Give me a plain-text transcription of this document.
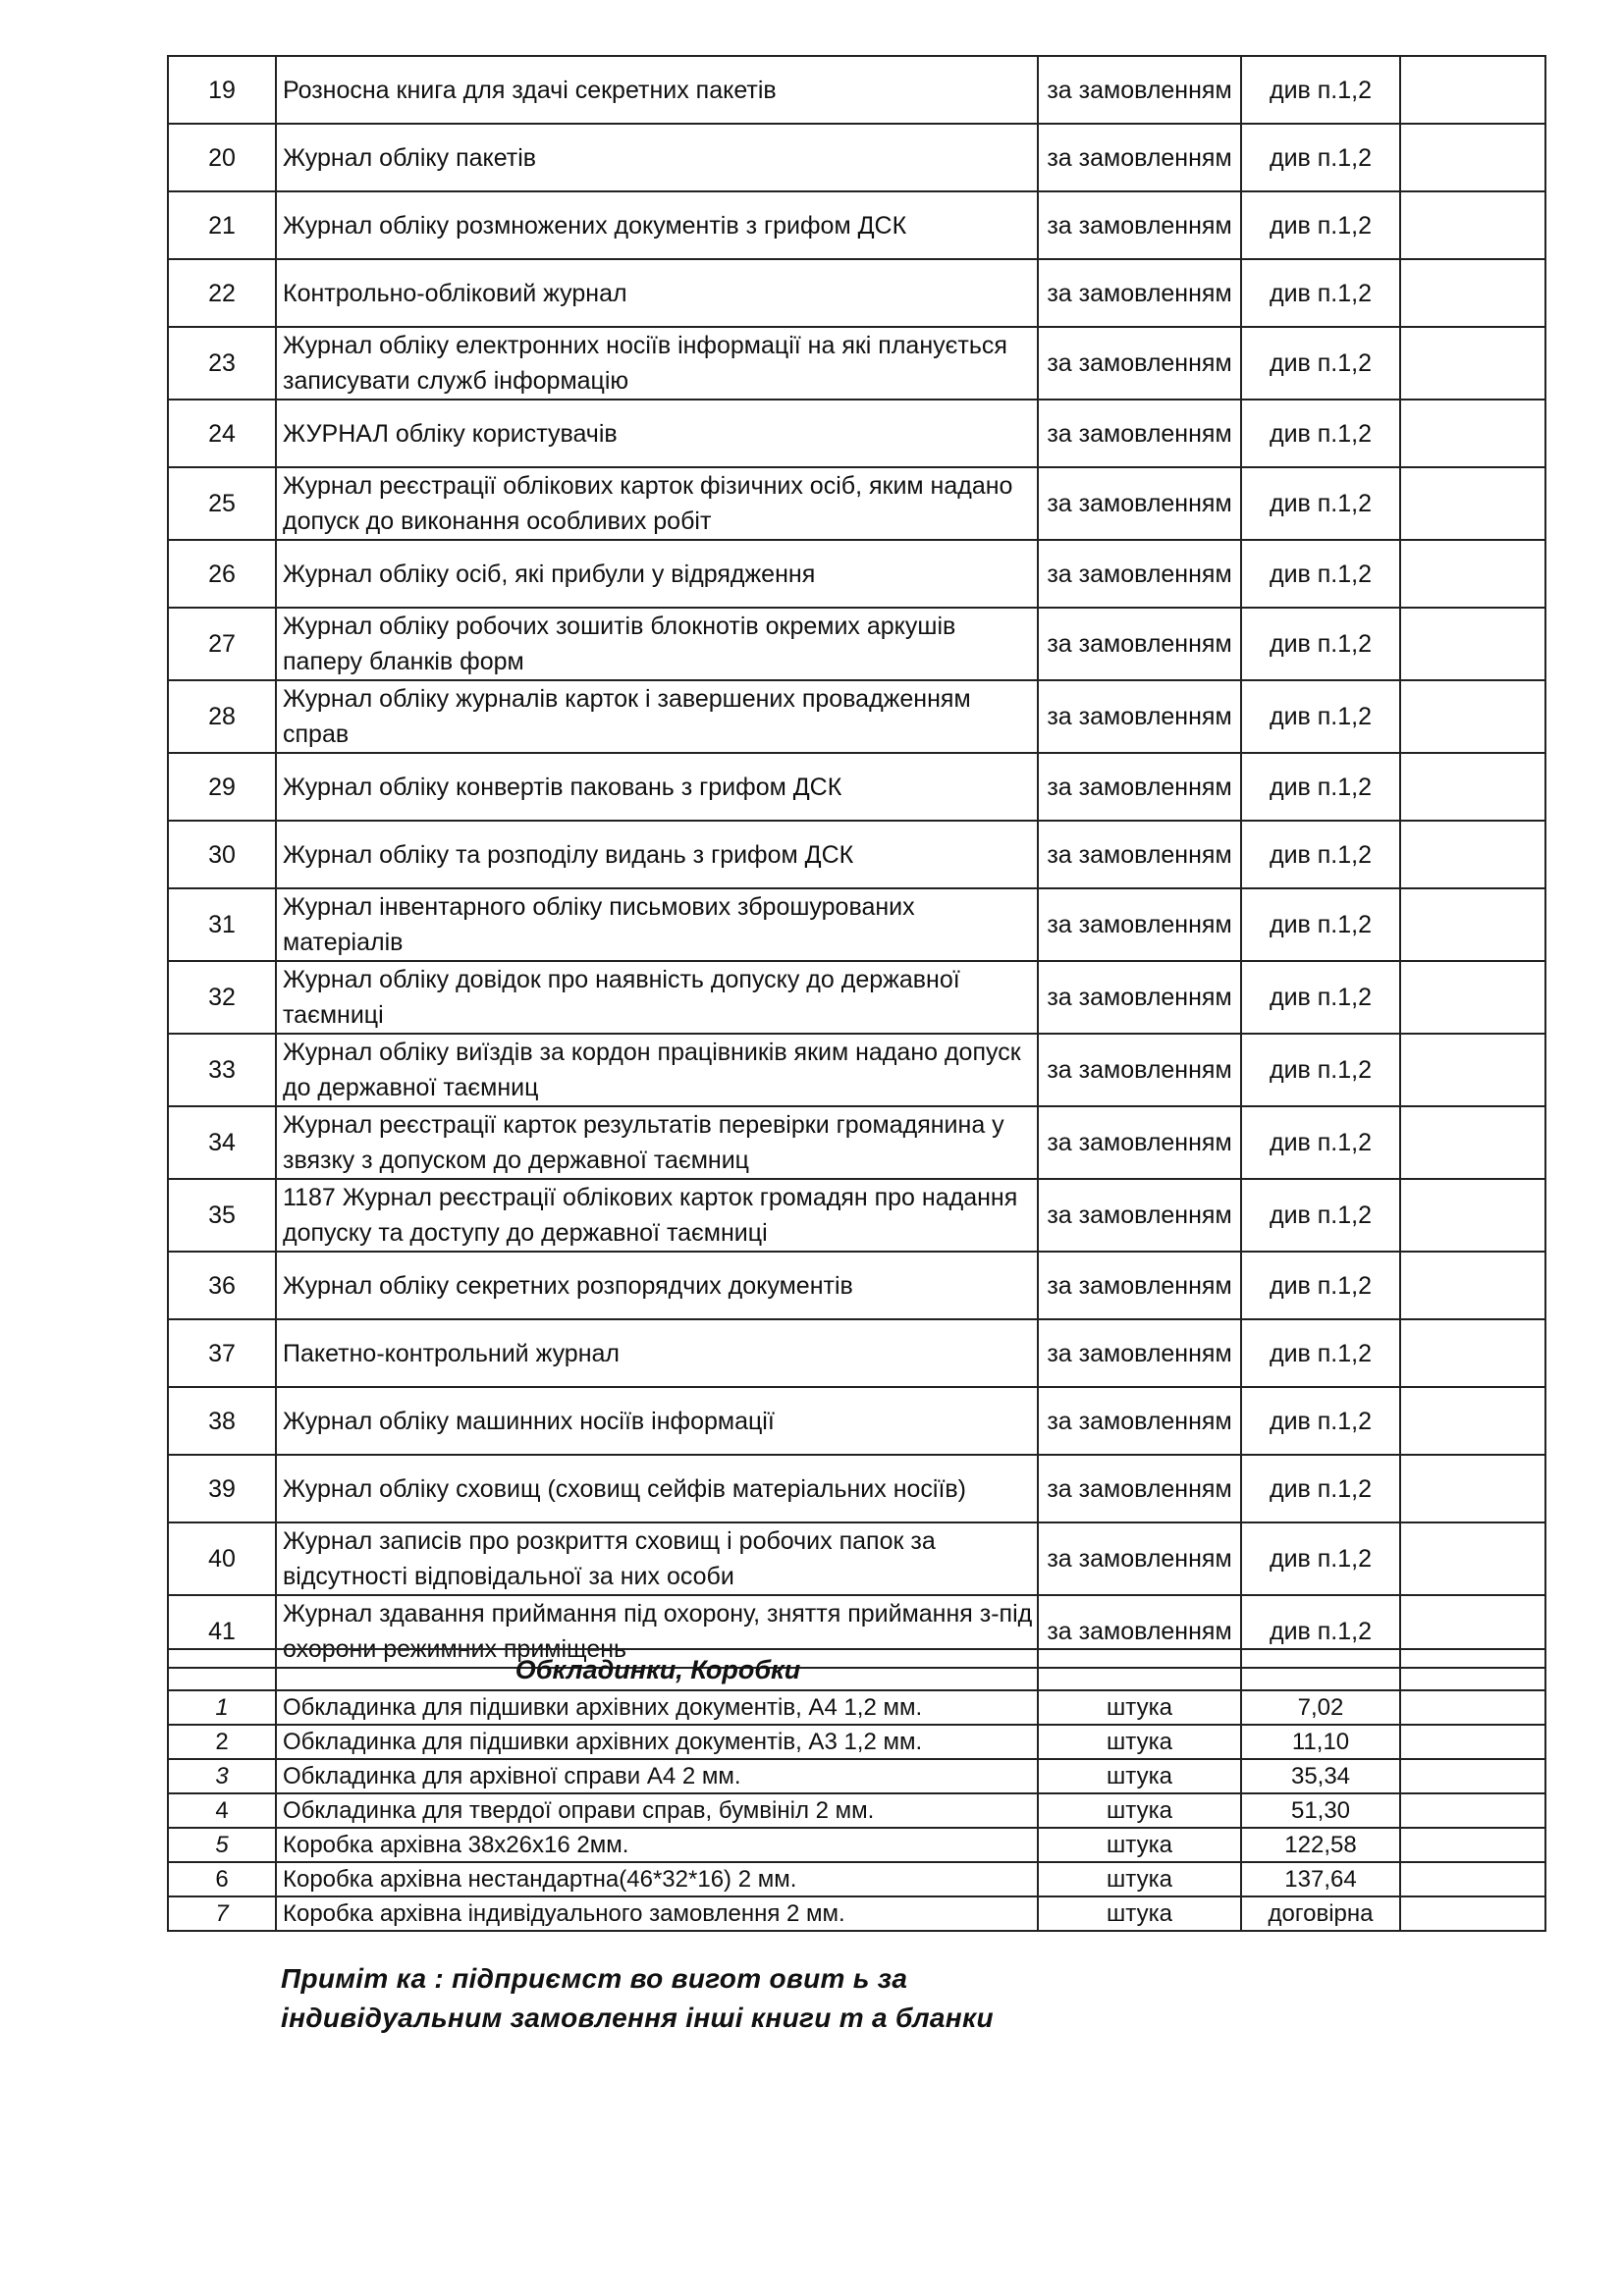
19	Розносна книга для здачі секретних пакетів	за замовленням	див п.1,2	
20	Журнал обліку пакетів	за замовленням	див п.1,2	
21	Журнал обліку розмножених документів з грифом ДСК	за замовленням	див п.1,2	
22	Контрольно-обліковий журнал	за замовленням	див п.1,2	
23	Журнал обліку електронних носіїв інформації на які планується записувати служб інформацію	за замовленням	див п.1,2	
24	ЖУРНАЛ обліку користувачів	за замовленням	див п.1,2	
25	Журнал реєстрації облікових карток фізичних осіб, яким надано допуск до виконання особливих робіт	за замовленням	див п.1,2	
26	Журнал обліку осіб, які прибули у відрядження	за замовленням	див п.1,2	
27	Журнал обліку робочих зошитів блокнотів окремих аркушів паперу бланків форм	за замовленням	див п.1,2	
28	Журнал обліку журналів карток і завершених провадженням справ	за замовленням	див п.1,2	
29	Журнал обліку конвертів паковань з грифом ДСК	за замовленням	див п.1,2	
30	Журнал обліку та розподілу видань з грифом ДСК	за замовленням	див п.1,2	
31	Журнал інвентарного обліку письмових зброшурованих матеріалів	за замовленням	див п.1,2	
32	Журнал обліку довідок про наявність допуску до державної таємниці	за замовленням	див п.1,2	
33	Журнал обліку виїздів за кордон працівників яким надано допуск до державної таємниц	за замовленням	див п.1,2	
34	Журнал реєстрації карток результатів перевірки громадянина у звязку з допуском до державної таємниц	за замовленням	див п.1,2	
35	1187 Журнал реєстрації облікових карток громадян про надання допуску та доступу до державної таємниці	за замовленням	див п.1,2	
36	Журнал обліку секретних розпорядчих документів	за замовленням	див п.1,2	
37	Пакетно-контрольний журнал	за замовленням	див п.1,2	
38	Журнал обліку машинних носіїв інформації	за замовленням	див п.1,2	
39	Журнал обліку сховищ (сховищ сейфів матеріальних носіїв)	за замовленням	див п.1,2	
40	Журнал записів про розкриття сховищ і робочих папок за відсутності відповідальної за них особи	за замовленням	див п.1,2	
41	Журнал здавання приймання під охорону, зняття приймання з-під охорони режимних приміщень	за замовленням	див п.1,2	
	Обкладинки, Коробки			
1	Обкладинка для підшивки архівних документів, А4 1,2 мм.	штука	7,02	
2	Обкладинка для підшивки архівних документів, А3 1,2 мм.	штука	11,10	
3	Обкладинка для архівної справи А4 2 мм.	штука	35,34	
4	Обкладинка для твердої оправи справ, бумвініл 2 мм.	штука	51,30	
5	Коробка архівна 38х26х16 2мм.	штука	122,58	
6	Коробка архівна нестандартна(46*32*16) 2 мм.	штука	137,64	
7	Коробка архівна індивідуального замовлення 2 мм.	штука	договірна	
Приміт ка : підприємст во вигот овит ь за
індивідуальним замовлення інші книги т а бланки
